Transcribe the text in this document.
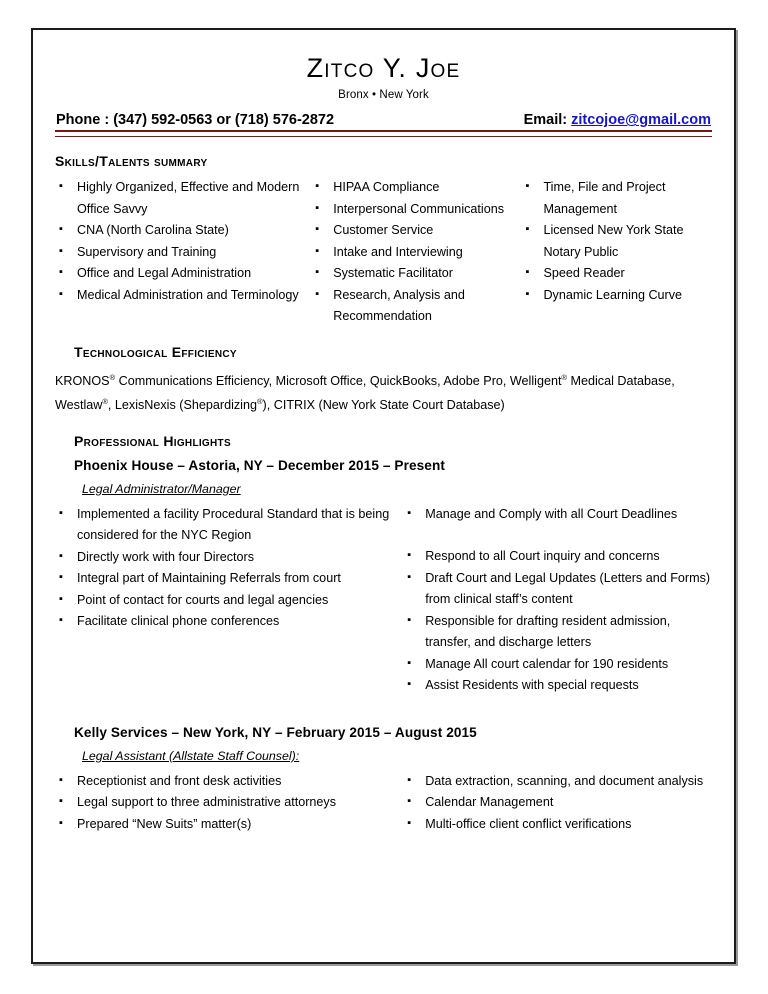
Zitco Y. Joe
Bronx • New York
Phone : (347) 592-0563 or (718) 576-2872	Email: zitcojoe@gmail.com
Skills/Talents summary
▪ Highly Organized, Effective and Modern Office Savvy
▪ CNA (North Carolina State)
▪ Supervisory and Training
▪ Office and Legal Administration
▪ Medical Administration and Terminology
▪ HIPAA Compliance
▪ Interpersonal Communications
▪ Customer Service
▪ Intake and Interviewing
▪ Systematic Facilitator
▪ Research, Analysis and Recommendation
▪ Time, File and Project Management
▪ Licensed New York State Notary Public
▪ Speed Reader
▪ Dynamic Learning Curve
Technological Efficiency
KRONOS® Communications Efficiency, Microsoft Office, QuickBooks, Adobe Pro, Welligent® Medical Database, Westlaw®, LexisNexis (Shepardizing®), CITRIX (New York State Court Database)
Professional Highlights
Phoenix House – Astoria, NY – December 2015 – Present
Legal Administrator/Manager
▪ Implemented a facility Procedural Standard that is being considered for the NYC Region
▪ Directly work with four Directors
▪ Integral part of Maintaining Referrals from court
▪ Point of contact for courts and legal agencies
▪ Facilitate clinical phone conferences
▪ Manage and Comply with all Court Deadlines
▪ Respond to all Court inquiry and concerns
▪ Draft Court and Legal Updates (Letters and Forms) from clinical staff’s content
▪ Responsible for drafting resident admission, transfer, and discharge letters
▪ Manage All court calendar for 190 residents
▪ Assist Residents with special requests
Kelly Services – New York, NY – February 2015 – August 2015
Legal Assistant (Allstate Staff Counsel):
▪ Receptionist and front desk activities
▪ Legal support to three administrative attorneys
▪ Prepared “New Suits” matter(s)
▪ Data extraction, scanning, and document analysis
▪ Calendar Management
▪ Multi-office client conflict verifications
